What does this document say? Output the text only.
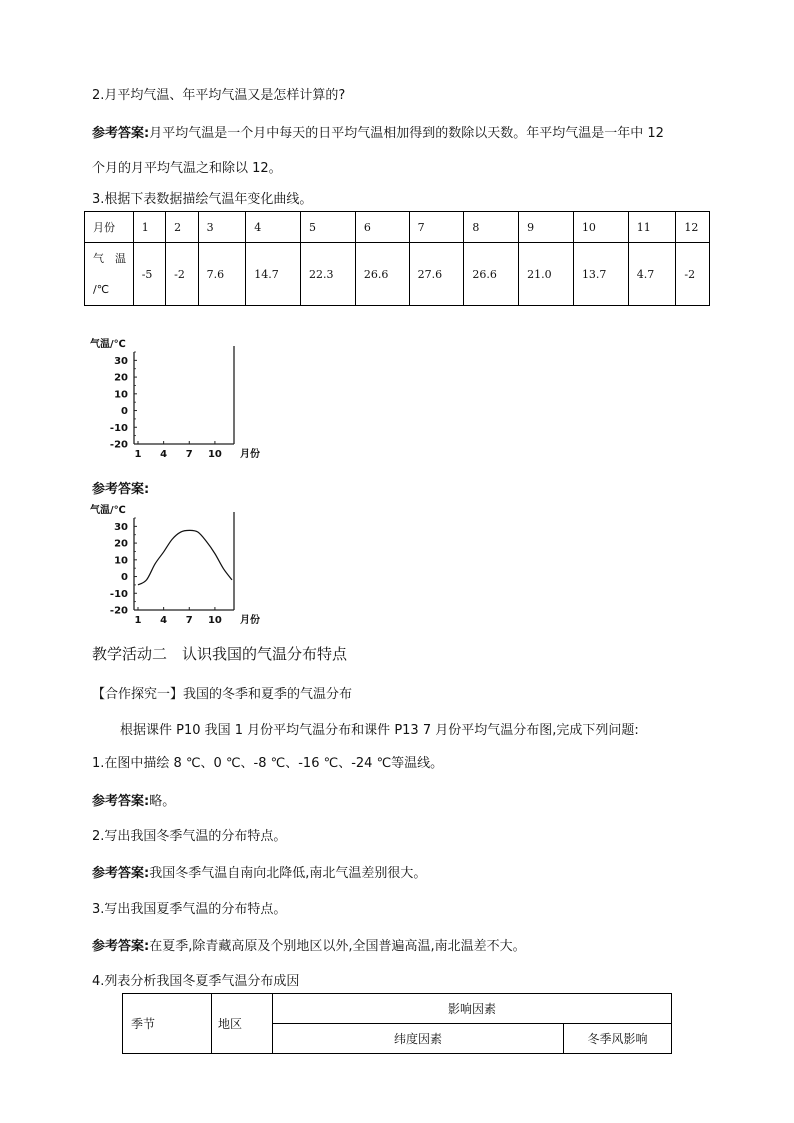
2.月平均气温、年平均气温又是怎样计算的?
参考答案:月平均气温是一个月中每天的日平均气温相加得到的数除以天数。年平均气温是一年中 12
个月的月平均气温之和除以 12。
3.根据下表数据描绘气温年变化曲线。
月份	1	2	3	4	5	6	7	8	9	10	11	12

气　温
/℃	-5	-2	7.6	14.7	22.3	26.6	27.6	26.6	21.0	13.7	4.7	-2
气温/℃
30
20
10
0
-10
-20
1 4 7 10 月份
参考答案:
气温/℃
30
20
10
0
-10
-20
1 4 7 10 月份
教学活动二　认识我国的气温分布特点
【合作探究一】我国的冬季和夏季的气温分布
根据课件 P10 我国 1 月份平均气温分布和课件 P13 7 月份平均气温分布图,完成下列问题:
1.在图中描绘 8 ℃、0 ℃、-8 ℃、-16 ℃、-24 ℃等温线。
参考答案:略。
2.写出我国冬季气温的分布特点。
参考答案:我国冬季气温自南向北降低,南北气温差别很大。
3.写出我国夏季气温的分布特点。
参考答案:在夏季,除青藏高原及个别地区以外,全国普遍高温,南北温差不大。
4.列表分析我国冬夏季气温分布成因
季节	地区	影响因素	
		纬度因素	冬季风影响
